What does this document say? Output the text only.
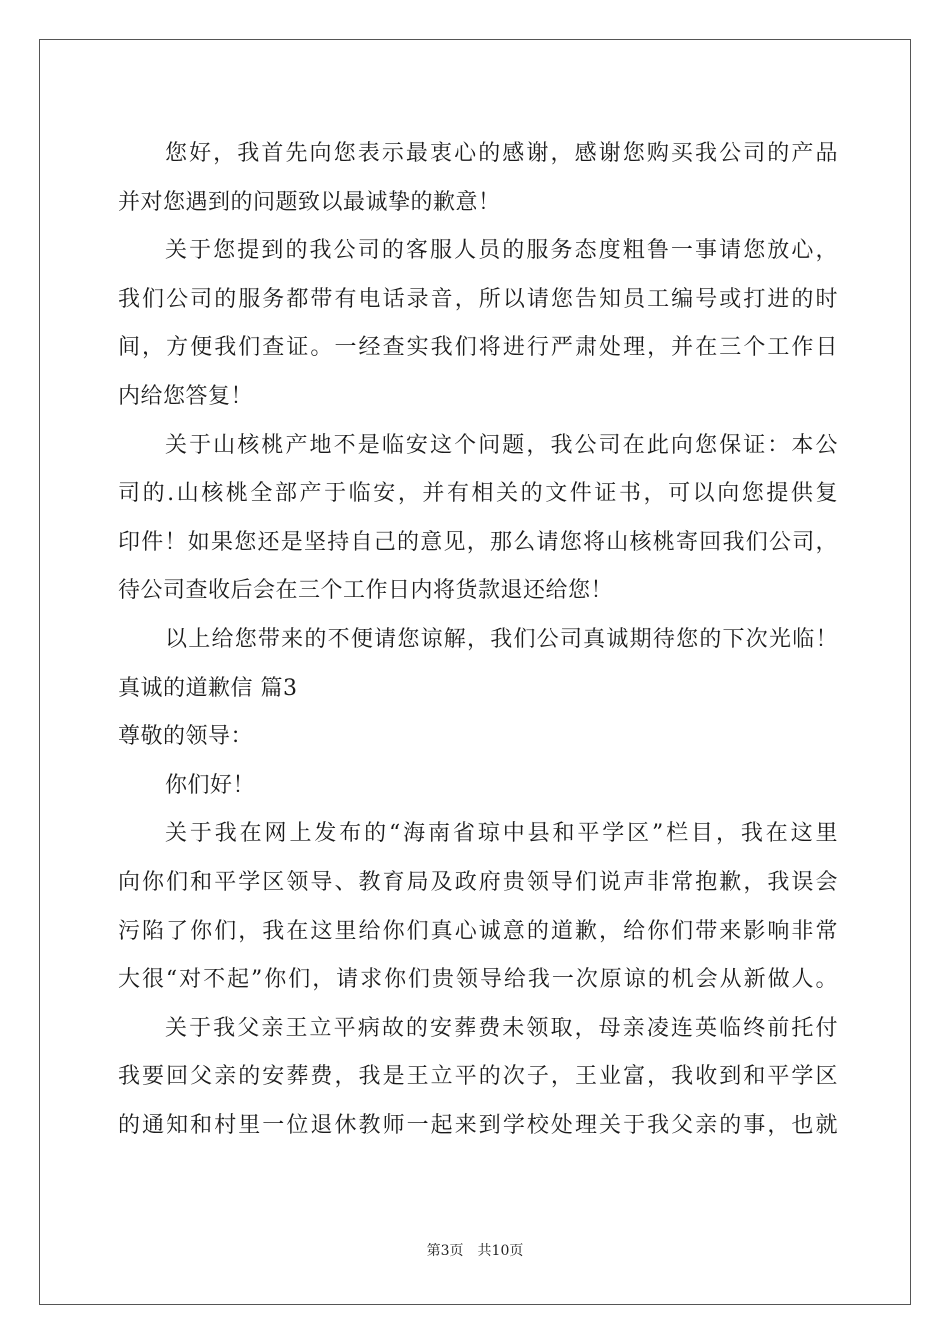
您好，我首先向您表示最衷心的感谢，感谢您购买我公司的产品
并对您遇到的问题致以最诚挚的歉意！
关于您提到的我公司的客服人员的服务态度粗鲁一事请您放心，
我们公司的服务都带有电话录音，所以请您告知员工编号或打进的时
间，方便我们查证。一经查实我们将进行严肃处理，并在三个工作日
内给您答复！
关于山核桃产地不是临安这个问题，我公司在此向您保证：本公
司的.山核桃全部产于临安，并有相关的文件证书，可以向您提供复
印件！如果您还是坚持自己的意见，那么请您将山核桃寄回我们公司，
待公司查收后会在三个工作日内将货款退还给您！
以上给您带来的不便请您谅解，我们公司真诚期待您的下次光临！
真诚的道歉信 篇3
尊敬的领导：
你们好！
关于我在网上发布的“海南省琼中县和平学区”栏目，我在这里
向你们和平学区领导、教育局及政府贵领导们说声非常抱歉，我误会
污陷了你们，我在这里给你们真心诚意的道歉，给你们带来影响非常
大很“对不起”你们，请求你们贵领导给我一次原谅的机会从新做人。
关于我父亲王立平病故的安葬费未领取，母亲凌连英临终前托付
我要回父亲的安葬费，我是王立平的次子，王业富，我收到和平学区
的通知和村里一位退休教师一起来到学校处理关于我父亲的事，也就
第3页 共10页
